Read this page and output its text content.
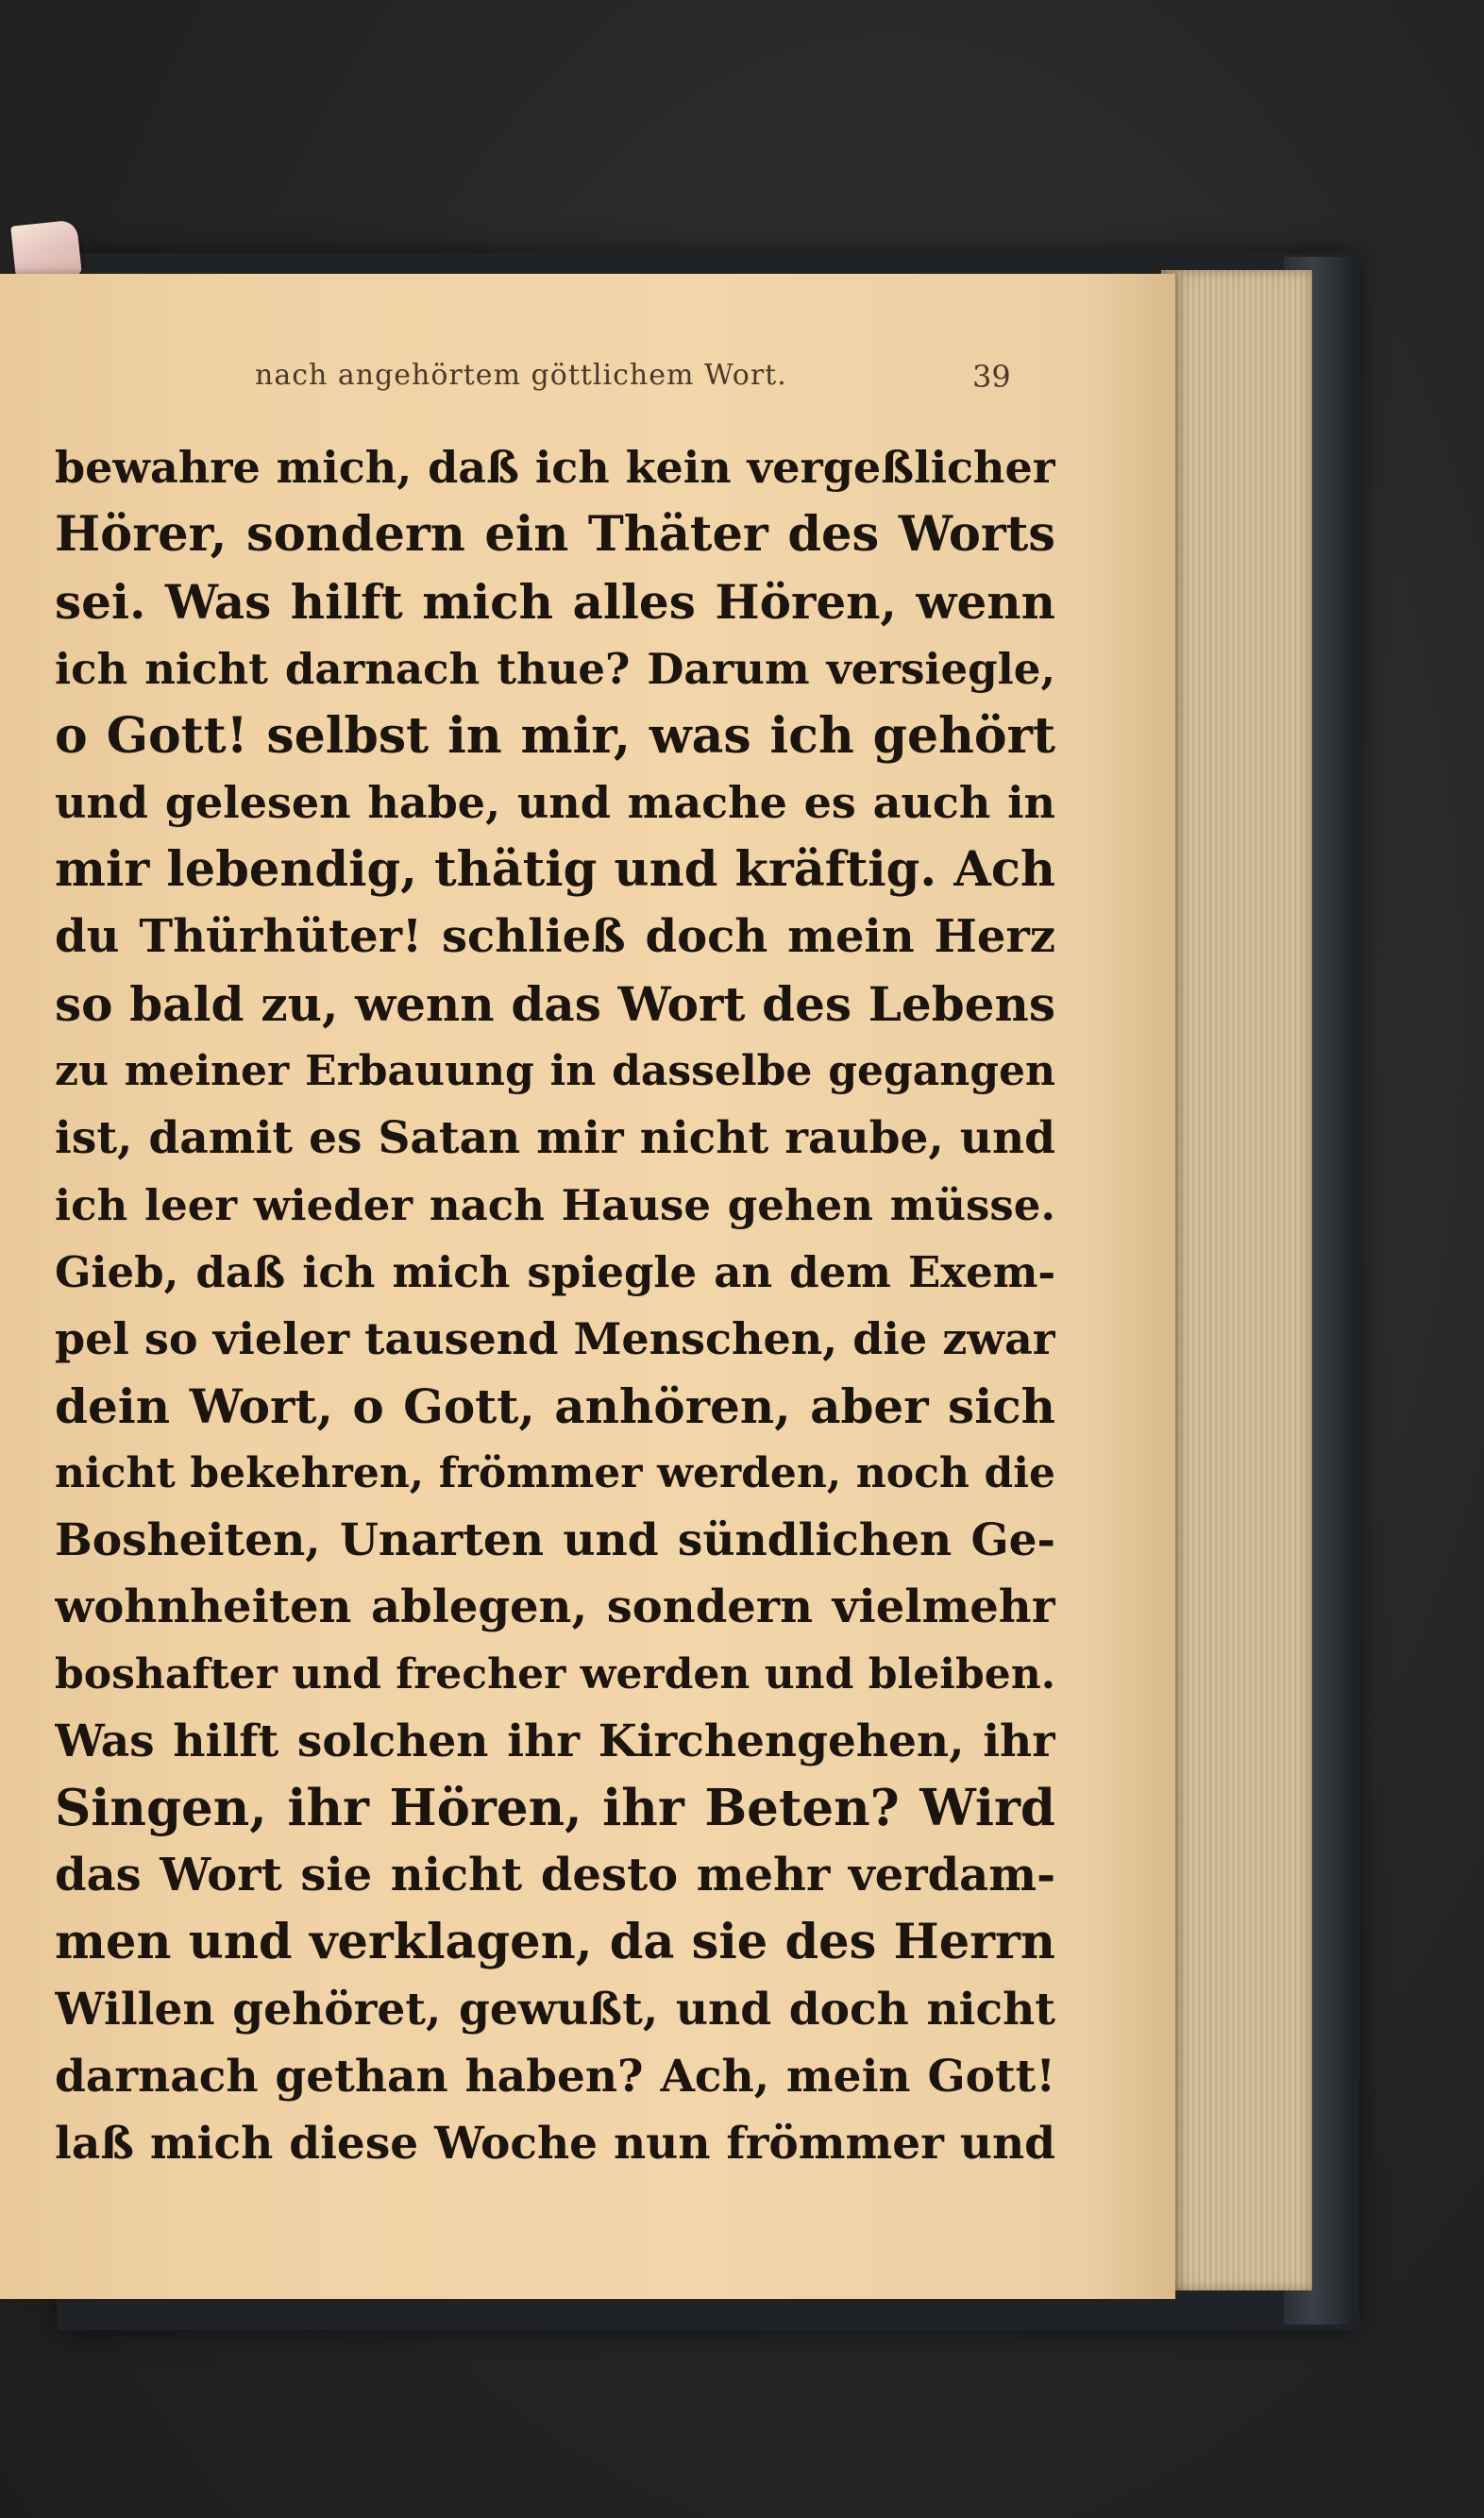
nach angehörtem göttlichem Wort.	39
bewahre mich, daß ich kein vergeßlicher
Hörer, sondern ein Thäter des Worts
sei. Was hilft mich alles Hören, wenn
ich nicht darnach thue? Darum versiegle,
o Gott! selbst in mir, was ich gehört
und gelesen habe, und mache es auch in
mir lebendig, thätig und kräftig. Ach
du Thürhüter! schließ doch mein Herz
so bald zu, wenn das Wort des Lebens
zu meiner Erbauung in dasselbe gegangen
ist, damit es Satan mir nicht raube, und
ich leer wieder nach Hause gehen müsse.
Gieb, daß ich mich spiegle an dem Exem-
pel so vieler tausend Menschen, die zwar
dein Wort, o Gott, anhören, aber sich
nicht bekehren, frömmer werden, noch die
Bosheiten, Unarten und sündlichen Ge-
wohnheiten ablegen, sondern vielmehr
boshafter und frecher werden und bleiben.
Was hilft solchen ihr Kirchengehen, ihr
Singen, ihr Hören, ihr Beten? Wird
das Wort sie nicht desto mehr verdam-
men und verklagen, da sie des Herrn
Willen gehöret, gewußt, und doch nicht
darnach gethan haben? Ach, mein Gott!
laß mich diese Woche nun frömmer und
